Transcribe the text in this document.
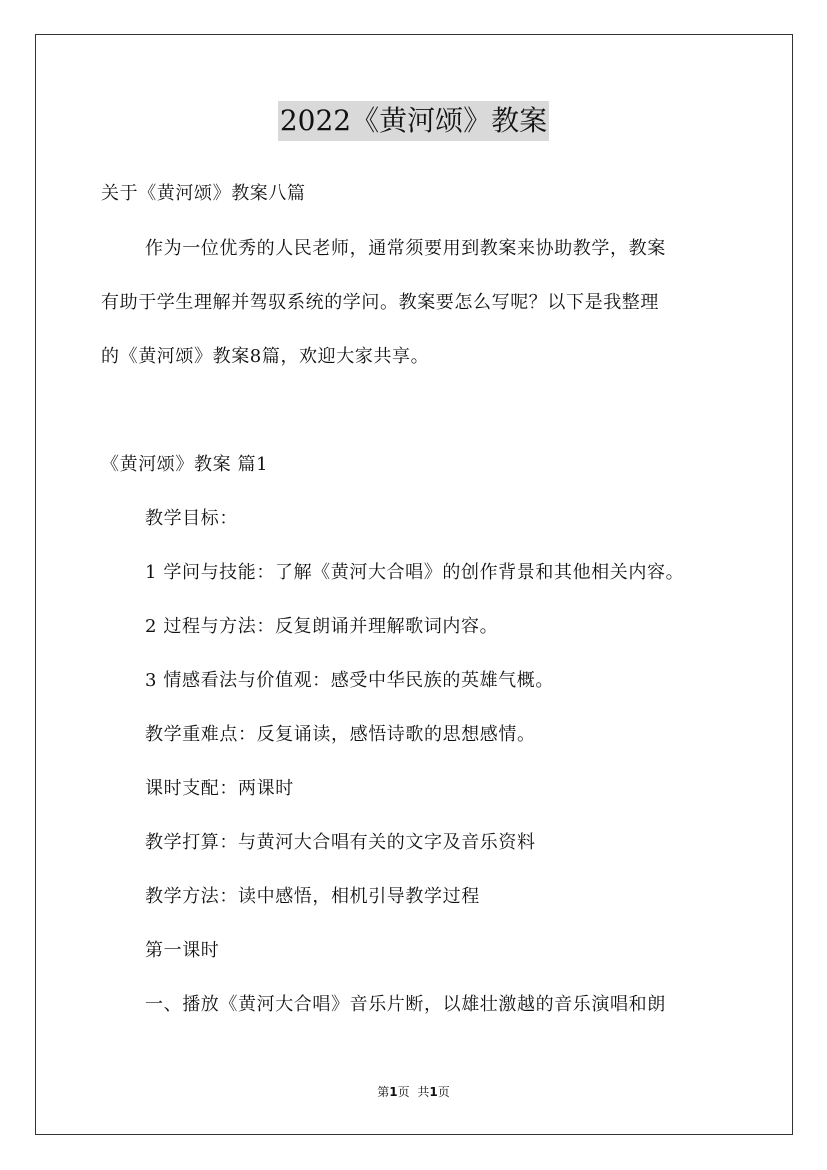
2022《黄河颂》教案
关于《黄河颂》教案八篇
作为一位优秀的人民老师，通常须要用到教案来协助教学，教案
有助于学生理解并驾驭系统的学问。教案要怎么写呢？以下是我整理
的《黄河颂》教案8篇，欢迎大家共享。
《黄河颂》教案 篇1
教学目标：
1 学问与技能：了解《黄河大合唱》的创作背景和其他相关内容。
2 过程与方法：反复朗诵并理解歌词内容。
3 情感看法与价值观：感受中华民族的英雄气概。
教学重难点：反复诵读，感悟诗歌的思想感情。
课时支配：两课时
教学打算：与黄河大合唱有关的文字及音乐资料
教学方法：读中感悟，相机引导教学过程
第一课时
一、播放《黄河大合唱》音乐片断，以雄壮激越的音乐演唱和朗
第1页 共1页
